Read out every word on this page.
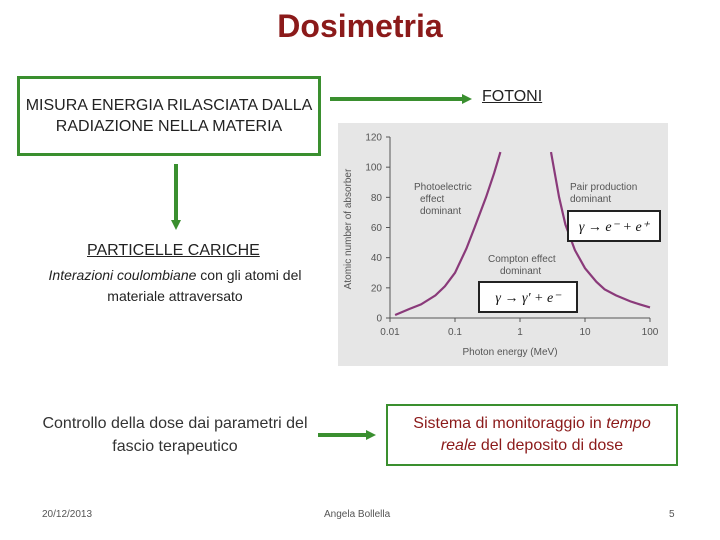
Dosimetria
MISURA ENERGIA RILASCIATA DALLA RADIAZIONE NELLA MATERIA
FOTONI
PARTICELLE CARICHE
Interazioni coulombiane con gli atomi del materiale attraversato
Controllo della dose dai parametri del fascio terapeutico
Sistema di monitoraggio in tempo
reale del deposito di dose
0
20
40
60
80
100
120
0.01	0.1	1	10	100
Atomic number of absorber
Photon energy (MeV)
Photoelectric effect dominant
Pair production dominant
Compton effect dominant
γ → e⁻ + e⁺
γ → γ′ + e⁻
20/12/2013	Angela Bollella	5
